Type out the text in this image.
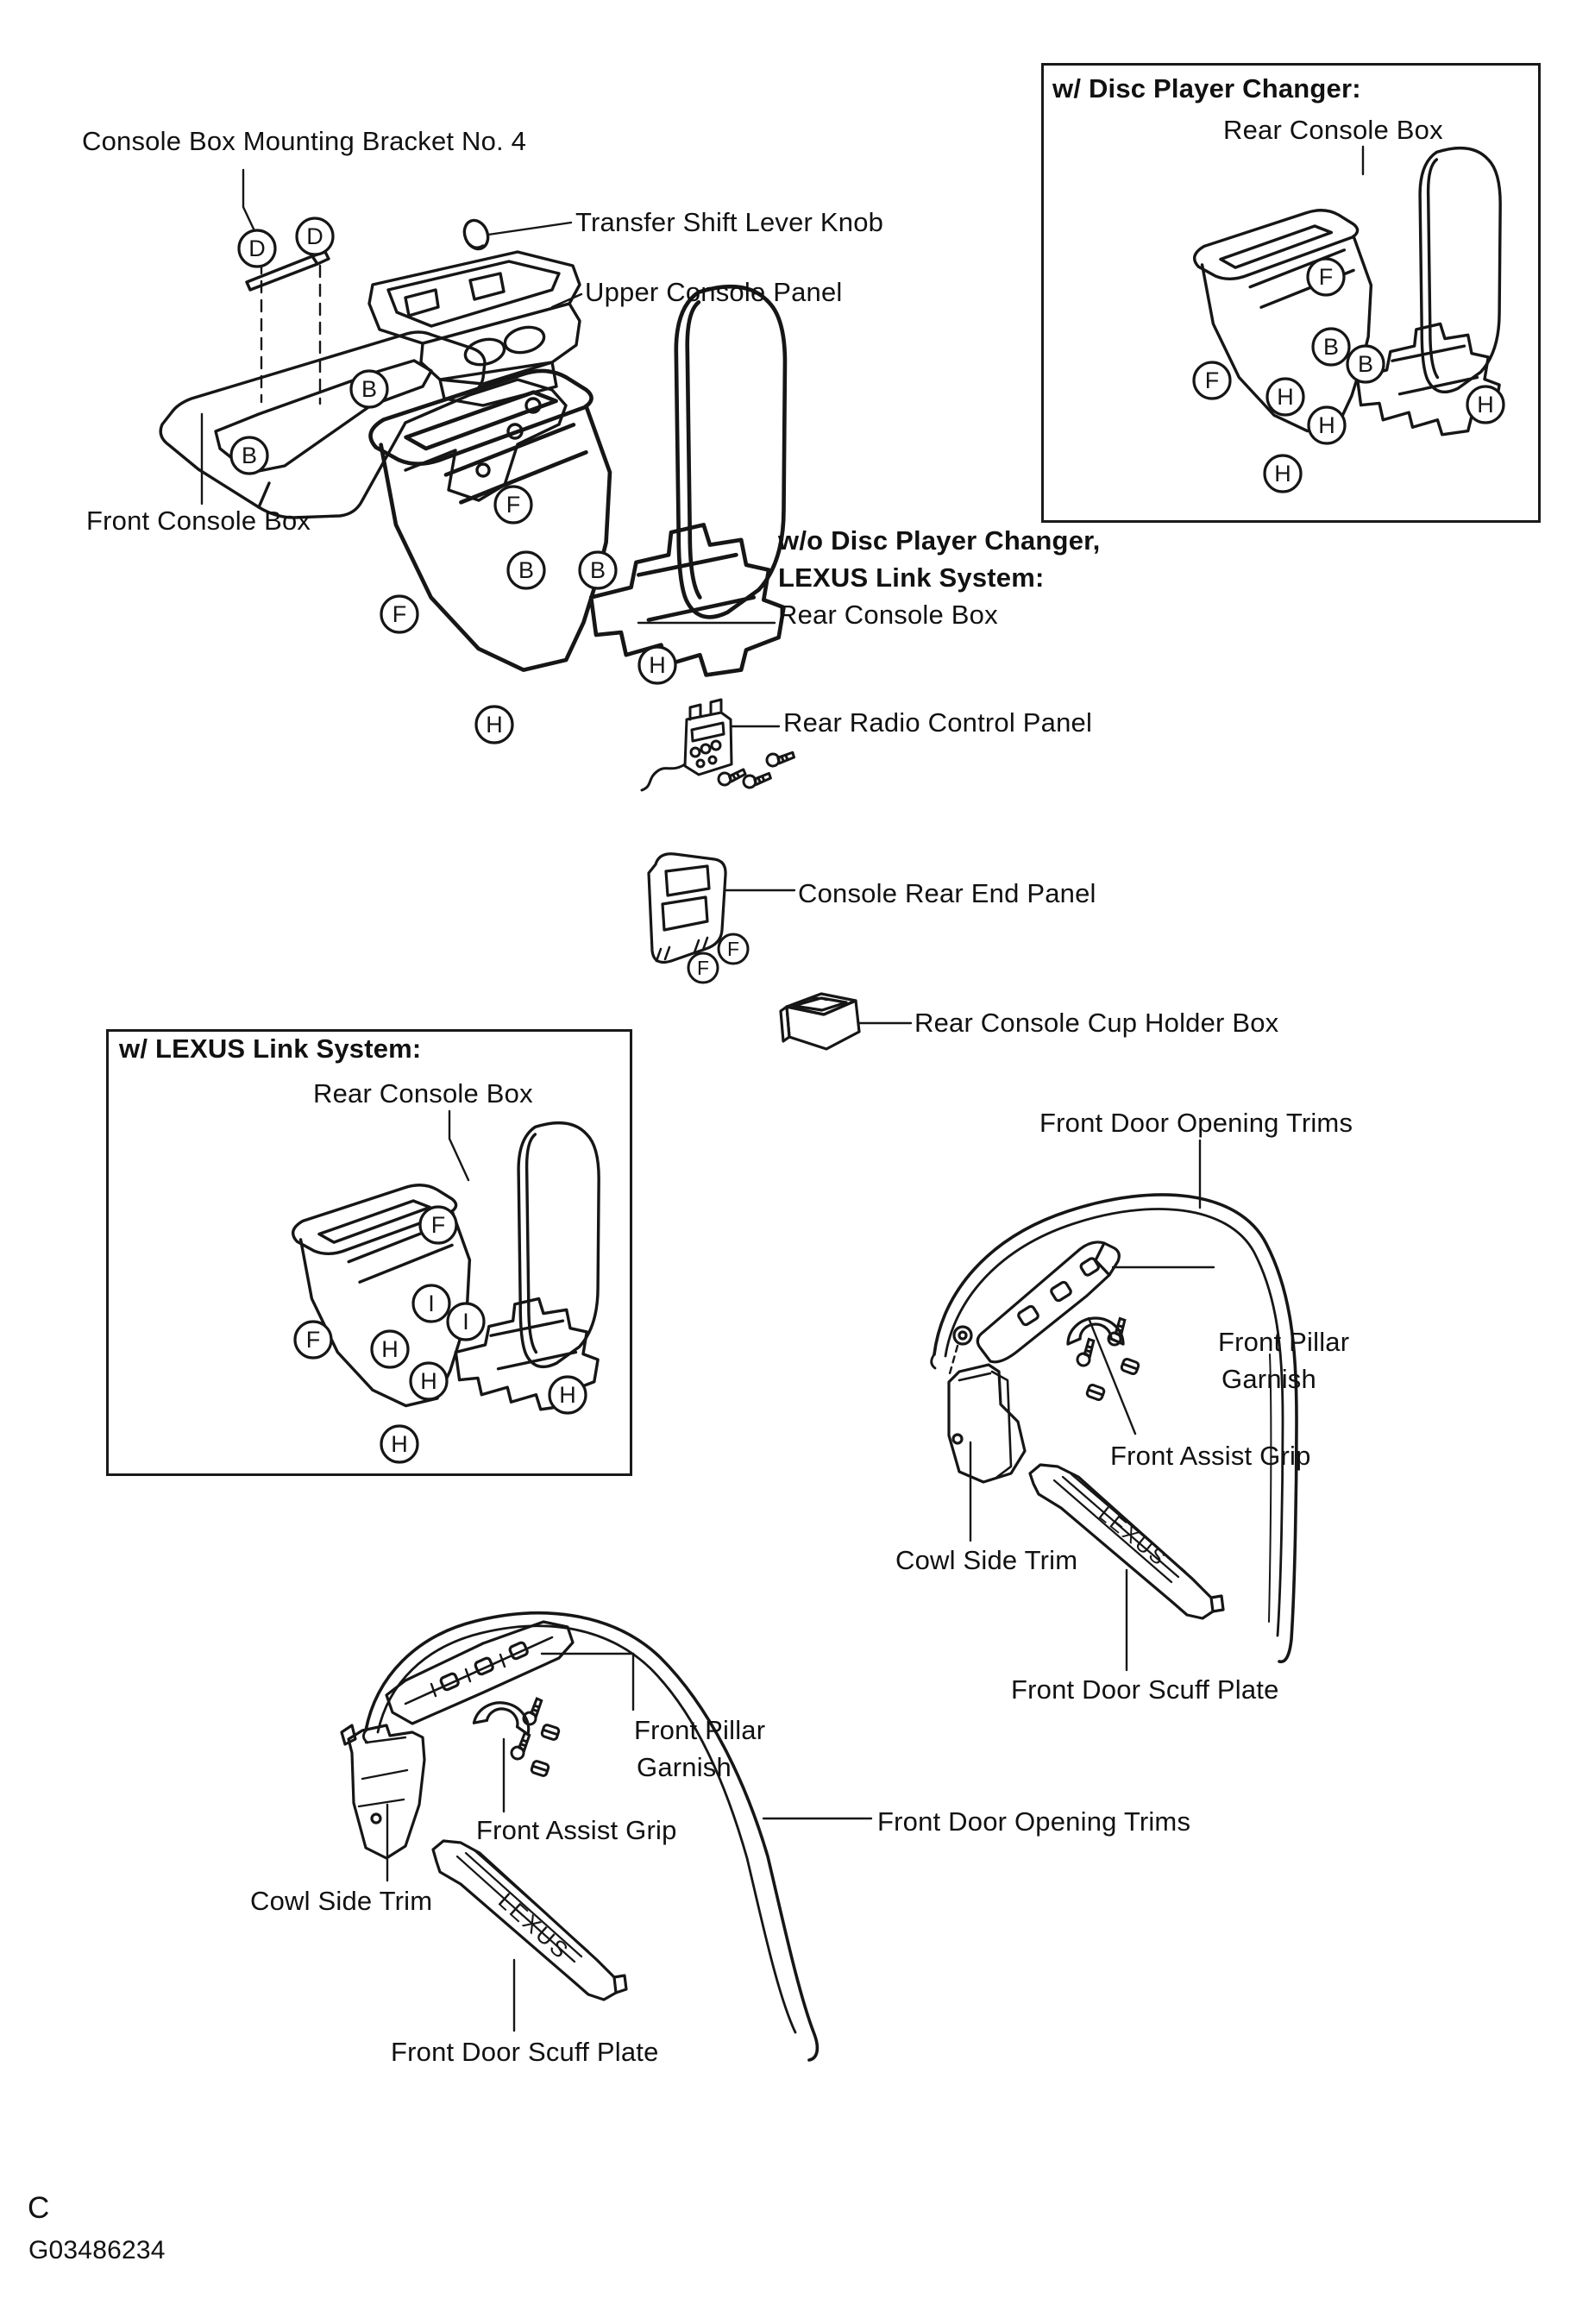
LEXUS
LEXUS
D D
B
B
F
B B
F
H
H
F
F
F
B
B
F
H
H
H
H
F
I
I
F	H
H
H
H
Console Box Mounting Bracket No. 4
Transfer Shift Lever Knob
Upper Console Panel
Front Console Box
w/ Disc Player Changer:
Rear Console Box
w/o Disc Player Changer,
LEXUS Link System:
Rear Console Box
Rear Radio Control Panel
Console Rear End Panel
Rear Console Cup Holder Box
w/ LEXUS Link System:
Rear Console Box
Front Door Opening Trims
Front Pillar
Garnish
Front Assist Grip
Cowl Side Trim
Front Door Scuff Plate
Front Pillar
Garnish
Front Assist Grip	Front Door Opening Trims
Cowl Side Trim
Front Door Scuff Plate
C
G03486234
